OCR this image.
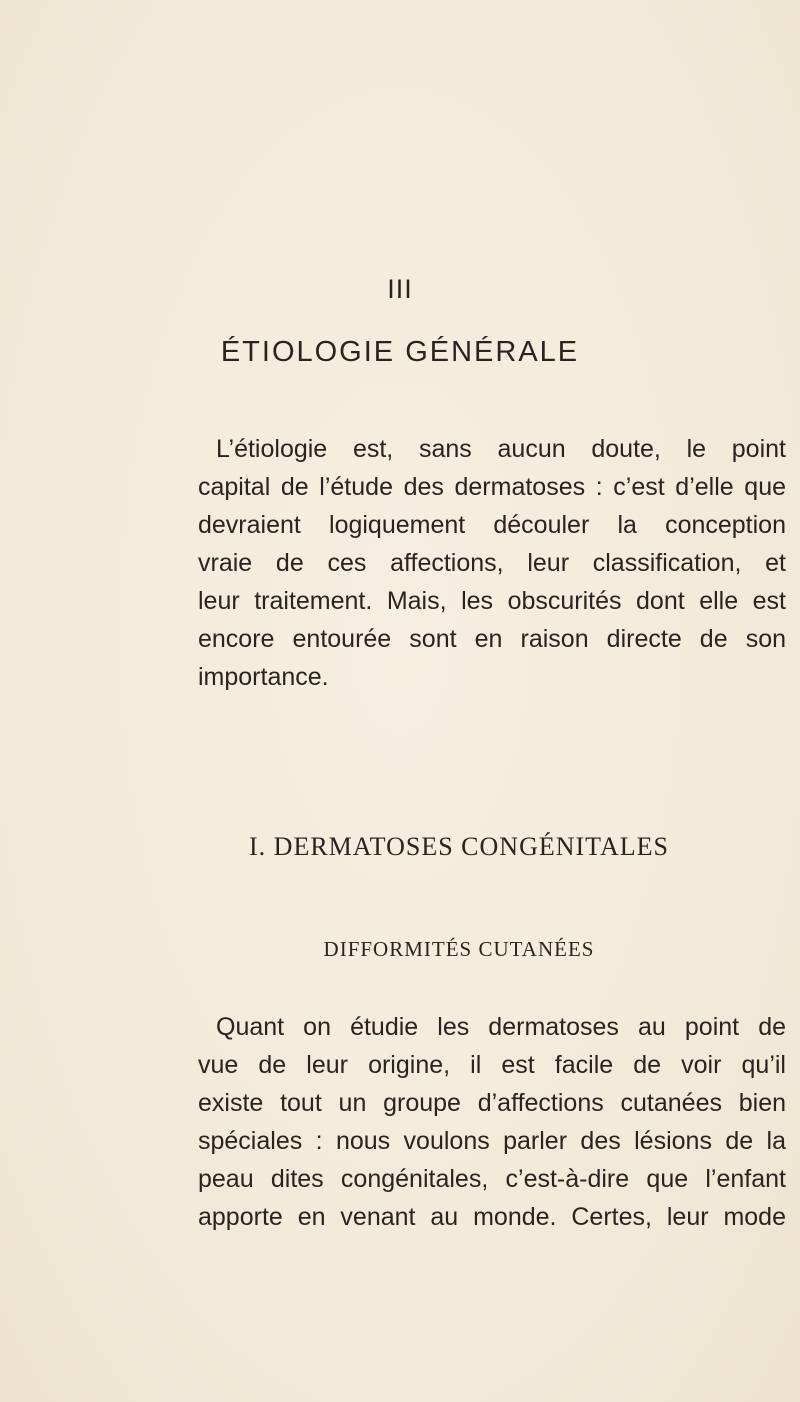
III
ÉTIOLOGIE GÉNÉRALE

L’étiologie est, sans aucun doute, le point
capital de l’étude des dermatoses : c’est d’elle que
devraient logiquement découler la conception
vraie de ces affections, leur classification, et
leur traitement. Mais, les obscurités dont elle est
encore entourée sont en raison directe de son
importance.

I. DERMATOSES CONGÉNITALES
DIFFORMITÉS CUTANÉES

Quant on étudie les dermatoses au point de
vue de leur origine, il est facile de voir qu’il
existe tout un groupe d’affections cutanées bien
spéciales : nous voulons parler des lésions de la
peau dites congénitales, c’est-à-dire que l’enfant
apporte en venant au monde. Certes, leur mode
